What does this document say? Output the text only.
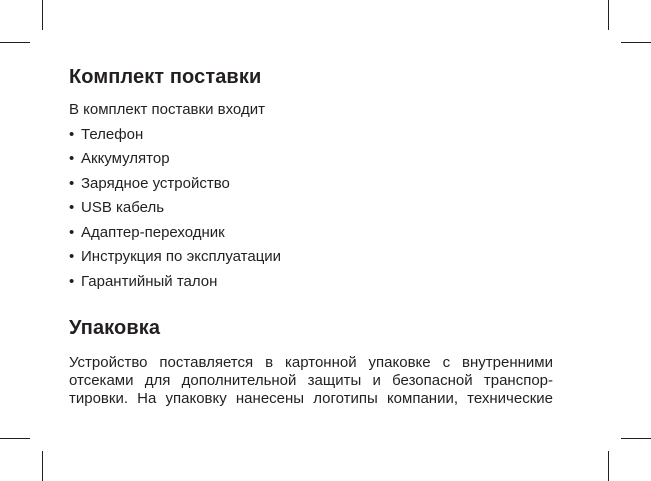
Комплект поставки

В комплект поставки входит

• Телефон
• Аккумулятор
• Зарядное устройство
• USB кабель
• Адаптер-переходник
• Инструкция по эксплуатации
• Гарантийный талон
Упаковка

Устройство поставляется в картонной упаковке с внутренними
отсеками для дополнительной защиты и безопасной транспор-
тировки. На упаковку нанесены логотипы компании, технические
